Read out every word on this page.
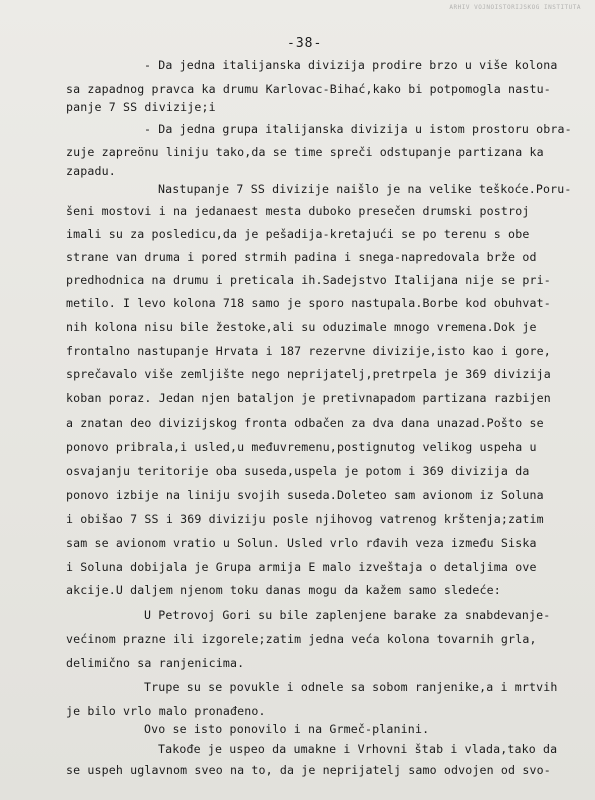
ARHIV VOJNOISTORIJSKOG INSTITUTA
-38-
- Da jedna italijanska divizija prodire brzo u više kolona
sa zapadnog pravca ka drumu Karlovac-Bihać,kako bi potpomogla nastu-
panje 7 SS divizije;i
- Da jedna grupa italijanska divizija u istom prostoru obra-
zuje zapreönu liniju tako,da se time spreči odstupanje partizana ka
zapadu.
Nastupanje 7 SS divizije naišlo je na velike teškoće.Poru-
šeni mostovi i na jedanaest mesta duboko presečen drumski postroj
imali su za posledicu,da je pešadija-kretajući se po terenu s obe
strane van druma i pored strmih padina i snega-napredovala brže od
predhodnica na drumu i preticala ih.Sadejstvo Italijana nije se pri-
metilo. I levo kolona 718 samo je sporo nastupala.Borbe kod obuhvat-
nih kolona nisu bile žestoke,ali su oduzimale mnogo vremena.Dok je
frontalno nastupanje Hrvata i 187 rezervne divizije,isto kao i gore,
sprečavalo više zemljište nego neprijatelj,pretrpela je 369 divizija
koban poraz. Jedan njen bataljon je pretivnapadom partizana razbijen
a znatan deo divizijskog fronta odbačen za dva dana unazad.Pošto se
ponovo pribrala,i usled,u međuvremenu,postignutog velikog uspeha u
osvajanju teritorije oba suseda,uspela je potom i 369 divizija da
ponovo izbije na liniju svojih suseda.Doleteo sam avionom iz Soluna
i obišao 7 SS i 369 diviziju posle njihovog vatrenog krštenja;zatim
sam se avionom vratio u Solun. Usled vrlo rđavih veza između Siska
i Soluna dobijala je Grupa armija E malo izveštaja o detaljima ove
akcije.U daljem njenom toku danas mogu da kažem samo sledeće:
U Petrovoj Gori su bile zaplenjene barake za snabdevanje-
većinom prazne ili izgorele;zatim jedna veća kolona tovarnih grla,
delimično sa ranjenicima.
Trupe su se povukle i odnele sa sobom ranjenike,a i mrtvih
je bilo vrlo malo pronađeno.
Ovo se isto ponovilo i na Grmeč-planini.
Takođe je uspeo da umakne i Vrhovni štab i vlada,tako da
se uspeh uglavnom sveo na to, da je neprijatelj samo odvojen od svo-
